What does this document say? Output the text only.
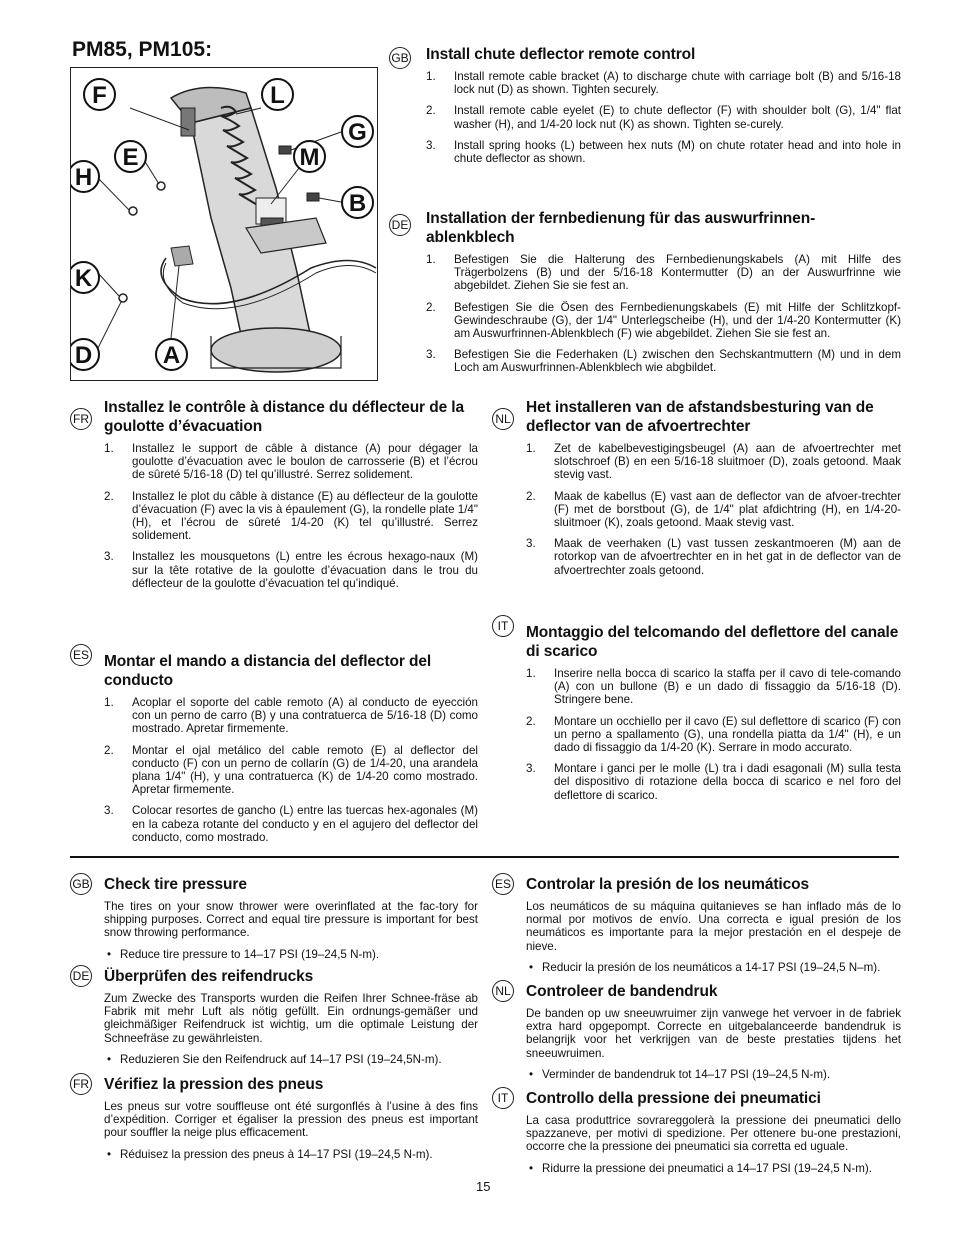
PM85, PM105:
F	L
E
G
M
H
B
K
D	A
GB Install chute deflector remote control
1. Install remote cable bracket (A) to discharge chute with carriage bolt (B) and 5/16-18 lock nut (D) as shown. Tighten securely.
2. Install remote cable eyelet (E) to chute deflector (F) with shoulder bolt (G), 1/4" flat washer (H), and 1/4-20 lock nut (K) as shown. Tighten se-curely.
3. Install spring hooks (L) between hex nuts (M) on chute rotater head and into hole in chute deflector as shown.
DE Installation der fernbedienung für das auswurfrinnen-ablenkblech
1. Befestigen Sie die Halterung des Fernbedienungskabels (A) mit Hilfe des Trägerbolzens (B) und der 5/16-18 Kontermutter (D) an der Auswurfrinne wie abgebildet. Ziehen Sie sie fest an.
2. Befestigen Sie die Ösen des Fernbedienungskabels (E) mit Hilfe der Schlitzkopf-Gewindeschraube (G), der 1/4" Unterlegscheibe (H), und der 1/4-20 Kontermutter (K) am Auswurfrinnen-Ablenkblech (F) wie abgebildet. Ziehen Sie sie fest an.
3. Befestigen Sie die Federhaken (L) zwischen den Sechskantmuttern (M) und in dem Loch am Auswurfrinnen-Ablenkblech wie abgbildet.
FR
Installez le contrôle à distance du déflecteur de la goulotte d’évacuation
1. Installez le support de câble à distance (A) pour dégager la goulotte d’évacuation avec le boulon de carrosserie (B) et l’écrou de sûreté 5/16-18 (D) tel qu’illustré. Serrez solidement.
2. Installez le plot du câble à distance (E) au déflecteur de la goulotte d’évacuation (F) avec la vis à épaulement (G), la rondelle plate 1/4" (H), et l’écrou de sûreté 1/4-20 (K) tel qu’illustré. Serrez solidement.
3. Installez les mousquetons (L) entre les écrous hexago-naux (M) sur la tête rotative de la goulotte d’évacuation dans le trou du déflecteur de la goulotte d’évacuation tel qu’indiqué.
NL
Het installeren van de afstandsbesturing van de deflector van de afvoertrechter
1. Zet de kabelbevestigingsbeugel (A) aan de afvoertrechter met slotschroef (B) en een 5/16-18 sluitmoer (D), zoals getoond. Maak stevig vast.
2. Maak de kabellus (E) vast aan de deflector van de afvoer-trechter (F) met de borstbout (G), de 1/4" plat afdichtring (H), en 1/4-20-sluitmoer (K), zoals getoond. Maak stevig vast.
3. Maak de veerhaken (L) vast tussen zeskantmoeren (M) aan de rotorkop van de afvoertrechter en in het gat in de deflector van de afvoertrechter zoals getoond.
ES Montar el mando a distancia del deflector del conducto
1. Acoplar el soporte del cable remoto (A) al conducto de eyección con un perno de carro (B) y una contratuerca de 5/16-18 (D) como mostrado. Apretar firmemente.
2. Montar el ojal metálico del cable remoto (E) al deflector del conducto (F) con un perno de collarín (G) de 1/4-20, una arandela plana 1/4" (H), y una contratuerca (K) de 1/4-20 como mostrado. Apretar firmemente.
3. Colocar resortes de gancho (L) entre las tuercas hex-agonales (M) en la cabeza rotante del conducto y en el agujero del deflector del conducto, como mostrado.
IT	Montaggio del telcomando del deflettore del canale di scarico
1. Inserire nella bocca di scarico la staffa per il cavo di tele-comando (A) con un bullone (B) e un dado di fissaggio da 5/16-18 (D). Stringere bene.
2. Montare un occhiello per il cavo (E) sul deflettore di scarico (F) con un perno a spallamento (G), una rondella piatta da 1/4" (H), e un dado di fissaggio da 1/4-20 (K). Serrare in modo accurato.
3. Montare i ganci per le molle (L) tra i dadi esagonali (M) sulla testa del dispositivo di rotazione della bocca di scarico e nel foro del deflettore di scarico.
GB Check tire pressure

The tires on your snow thrower were overinflated at the fac-tory for shipping purposes. Correct and equal tire pressure is important for best snow throwing performance.

• Reduce tire pressure to 14–17 PSI (19–24,5 N-m).
DE Überprüfen des reifendrucks

Zum Zwecke des Transports wurden die Reifen Ihrer Schnee-fräse ab Fabrik mit mehr Luft als nötig gefüllt. Ein ordnungs-gemäßer und gleichmäßiger Reifendruck ist wichtig, um die optimale Leistung der Schneefräse zu gewährleisten.

• Reduzieren Sie den Reifendruck auf 14–17 PSI (19–24,5N-m).
FR Vérifiez la pression des pneus

Les pneus sur votre souffleuse ont été surgonflés à l’usine à des fins d’expédition. Corriger et égaliser la pression des pneus est important pour souffler la neige plus efficacement.

• Réduisez la pression des pneus à 14–17 PSI (19–24,5 N-m).
ES Controlar la presión de los neumáticos

Los neumáticos de su máquina quitanieves se han inflado más de lo normal por motivos de envío. Una correcta e igual presión de los neumáticos es importante para la mejor prestación en el despeje de nieve.

• Reducir la presión de los neumáticos a 14-17 PSI (19–24,5 N–m).
NL Controleer de bandendruk

De banden op uw sneeuwruimer zijn vanwege het vervoer in de fabriek extra hard opgepompt. Correcte en uitgebalanceerde bandendruk is belangrijk voor het verkrijgen van de beste prestaties tijdens het sneeuwruimen.

• Verminder de bandendruk tot 14–17 PSI (19–24,5 N-m).
IT	Controllo della pressione dei pneumatici

La casa produttrice sovrareggolerà la pressione dei pneumatici dello spazzaneve, per motivi di spedizione. Per ottenere bu-one prestazioni, occorre che la pressione dei pneumatici sia corretta ed uguale.

• Ridurre la pressione dei pneumatici a 14–17 PSI (19–24,5 N-m).
15
